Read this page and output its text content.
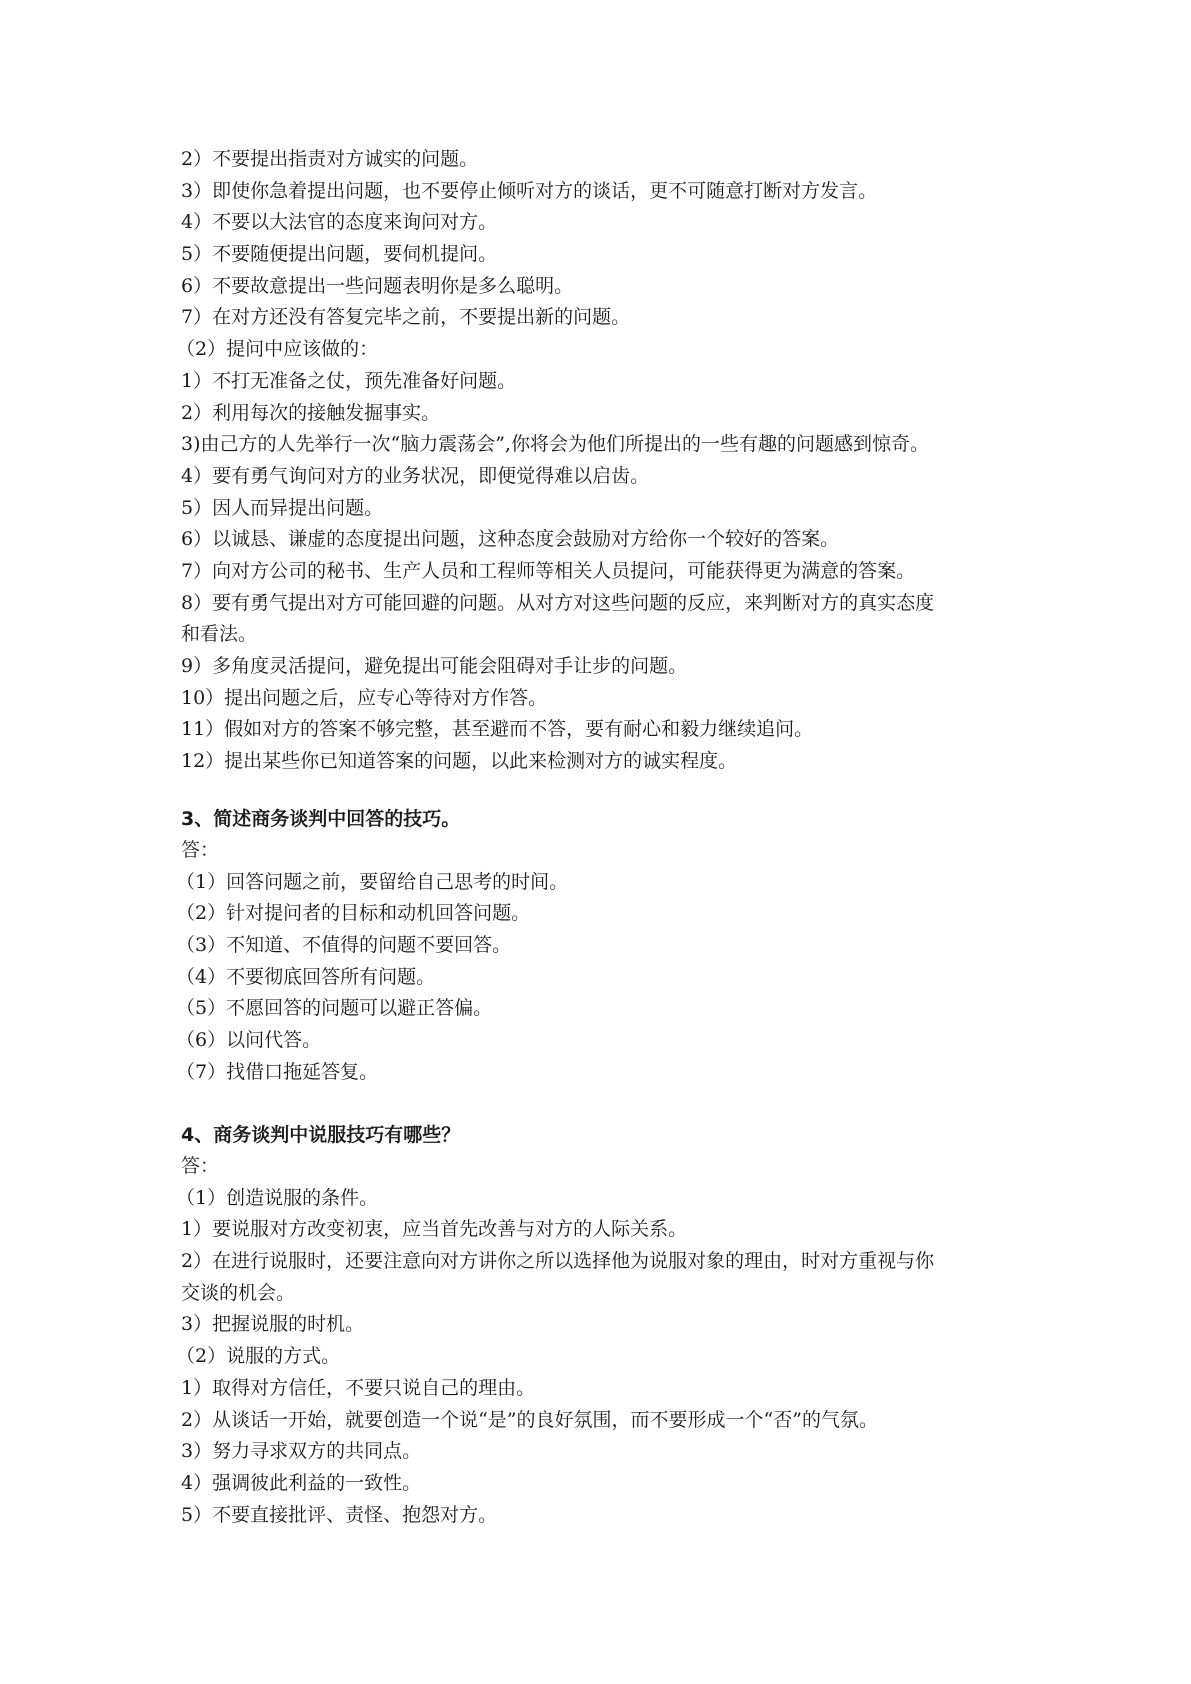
2）不要提出指责对方诚实的问题。
3）即使你急着提出问题，也不要停止倾听对方的谈话，更不可随意打断对方发言。
4）不要以大法官的态度来询问对方。
5）不要随便提出问题，要伺机提问。
6）不要故意提出一些问题表明你是多么聪明。
7）在对方还没有答复完毕之前，不要提出新的问题。
（2）提问中应该做的：
1）不打无准备之仗，预先准备好问题。
2）利用每次的接触发掘事实。
3)由己方的人先举行一次“脑力震荡会”,你将会为他们所提出的一些有趣的问题感到惊奇。
4）要有勇气询问对方的业务状况，即便觉得难以启齿。
5）因人而异提出问题。
6）以诚恳、谦虚的态度提出问题，这种态度会鼓励对方给你一个较好的答案。
7）向对方公司的秘书、生产人员和工程师等相关人员提问，可能获得更为满意的答案。
8）要有勇气提出对方可能回避的问题。从对方对这些问题的反应，来判断对方的真实态度
和看法。
9）多角度灵活提问，避免提出可能会阻碍对手让步的问题。
10）提出问题之后，应专心等待对方作答。
11）假如对方的答案不够完整，甚至避而不答，要有耐心和毅力继续追问。
12）提出某些你已知道答案的问题，以此来检测对方的诚实程度。
3、简述商务谈判中回答的技巧。
答：
（1）回答问题之前，要留给自己思考的时间。
（2）针对提问者的目标和动机回答问题。
（3）不知道、不值得的问题不要回答。
（4）不要彻底回答所有问题。
（5）不愿回答的问题可以避正答偏。
（6）以问代答。
（7）找借口拖延答复。
4、商务谈判中说服技巧有哪些？
答：
（1）创造说服的条件。
1）要说服对方改变初衷，应当首先改善与对方的人际关系。
2）在进行说服时，还要注意向对方讲你之所以选择他为说服对象的理由，时对方重视与你
交谈的机会。
3）把握说服的时机。
（2）说服的方式。
1）取得对方信任，不要只说自己的理由。
2）从谈话一开始，就要创造一个说“是”的良好氛围，而不要形成一个“否”的气氛。
3）努力寻求双方的共同点。
4）强调彼此利益的一致性。
5）不要直接批评、责怪、抱怨对方。
